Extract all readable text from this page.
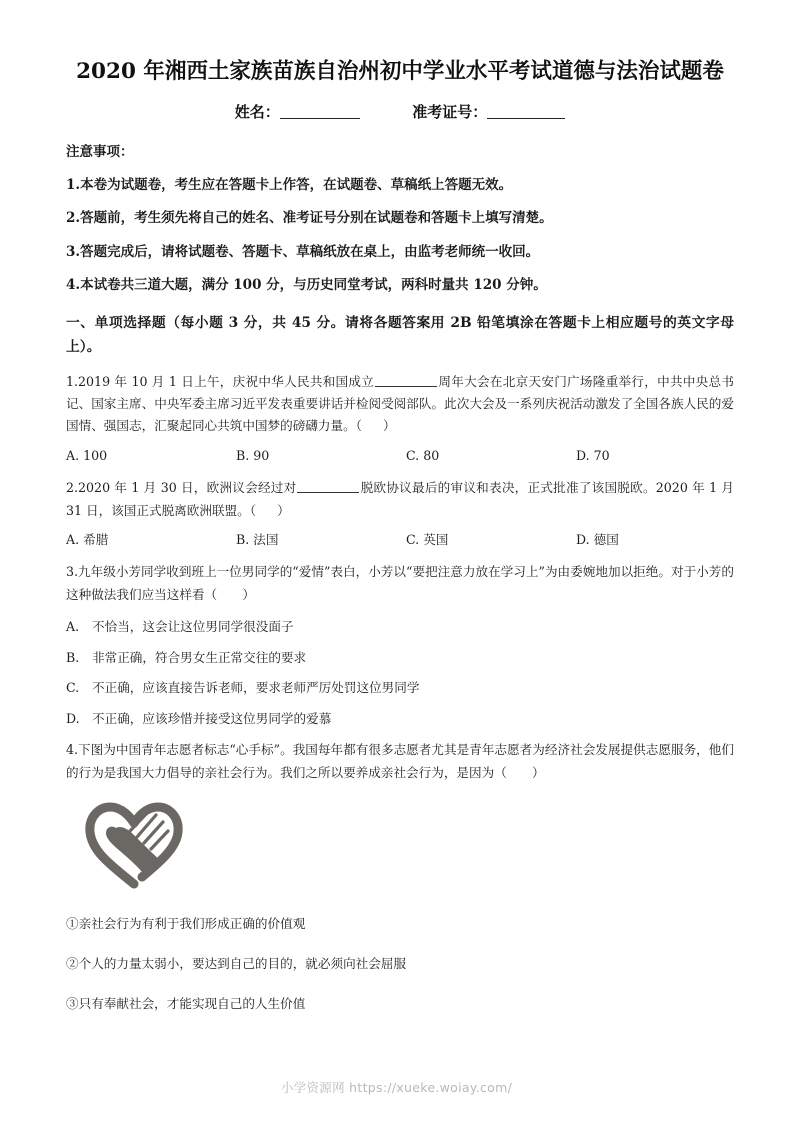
2020 年湘西土家族苗族自治州初中学业水平考试道德与法治试题卷
姓名：	准考证号：
注意事项：
1.本卷为试题卷，考生应在答题卡上作答，在试题卷、草稿纸上答题无效。
2.答题前，考生须先将自己的姓名、准考证号分别在试题卷和答题卡上填写清楚。
3.答题完成后，请将试题卷、答题卡、草稿纸放在桌上，由监考老师统一收回。
4.本试卷共三道大题，满分 100 分，与历史同堂考试，两科时量共 120 分钟。
一、单项选择题（每小题 3 分，共 45 分。请将各题答案用 2B 铅笔填涂在答题卡上相应题号的英文字母上）。
1.2019 年 10 月 1 日上午，庆祝中华人民共和国成立	周年大会在北京天安门广场隆重举行，中共中央总书记、国家主席、中央军委主席习近平发表重要讲话并检阅受阅部队。此次大会及一系列庆祝活动激发了全国各族人民的爱国情、强国志，汇聚起同心共筑中国梦的磅礴力量。（ ）
A. 100	B. 90	C. 80	D. 70
2.2020 年 1 月 30 日，欧洲议会经过对	脱欧协议最后的审议和表决，正式批准了该国脱欧。2020 年 1 月 31 日，该国正式脱离欧洲联盟。（ ）
A. 希腊	B. 法国	C. 英国	D. 德国
3.九年级小芳同学收到班上一位男同学的“爱情”表白，小芳以“要把注意力放在学习上”为由委婉地加以拒绝。对于小芳的这种做法我们应当这样看（　　）
A. 不恰当，这会让这位男同学很没面子
B. 非常正确，符合男女生正常交往的要求
C. 不正确，应该直接告诉老师，要求老师严厉处罚这位男同学
D. 不正确，应该珍惜并接受这位男同学的爱慕
4.下图为中国青年志愿者标志“心手标”。我国每年都有很多志愿者尤其是青年志愿者为经济社会发展提供志愿服务，他们的行为是我国大力倡导的亲社会行为。我们之所以要养成亲社会行为，是因为（　　）
①亲社会行为有利于我们形成正确的价值观
②个人的力量太弱小，要达到自己的目的，就必须向社会屈服
③只有奉献社会，才能实现自己的人生价值
小学资源网 https://xueke.woiay.com/
